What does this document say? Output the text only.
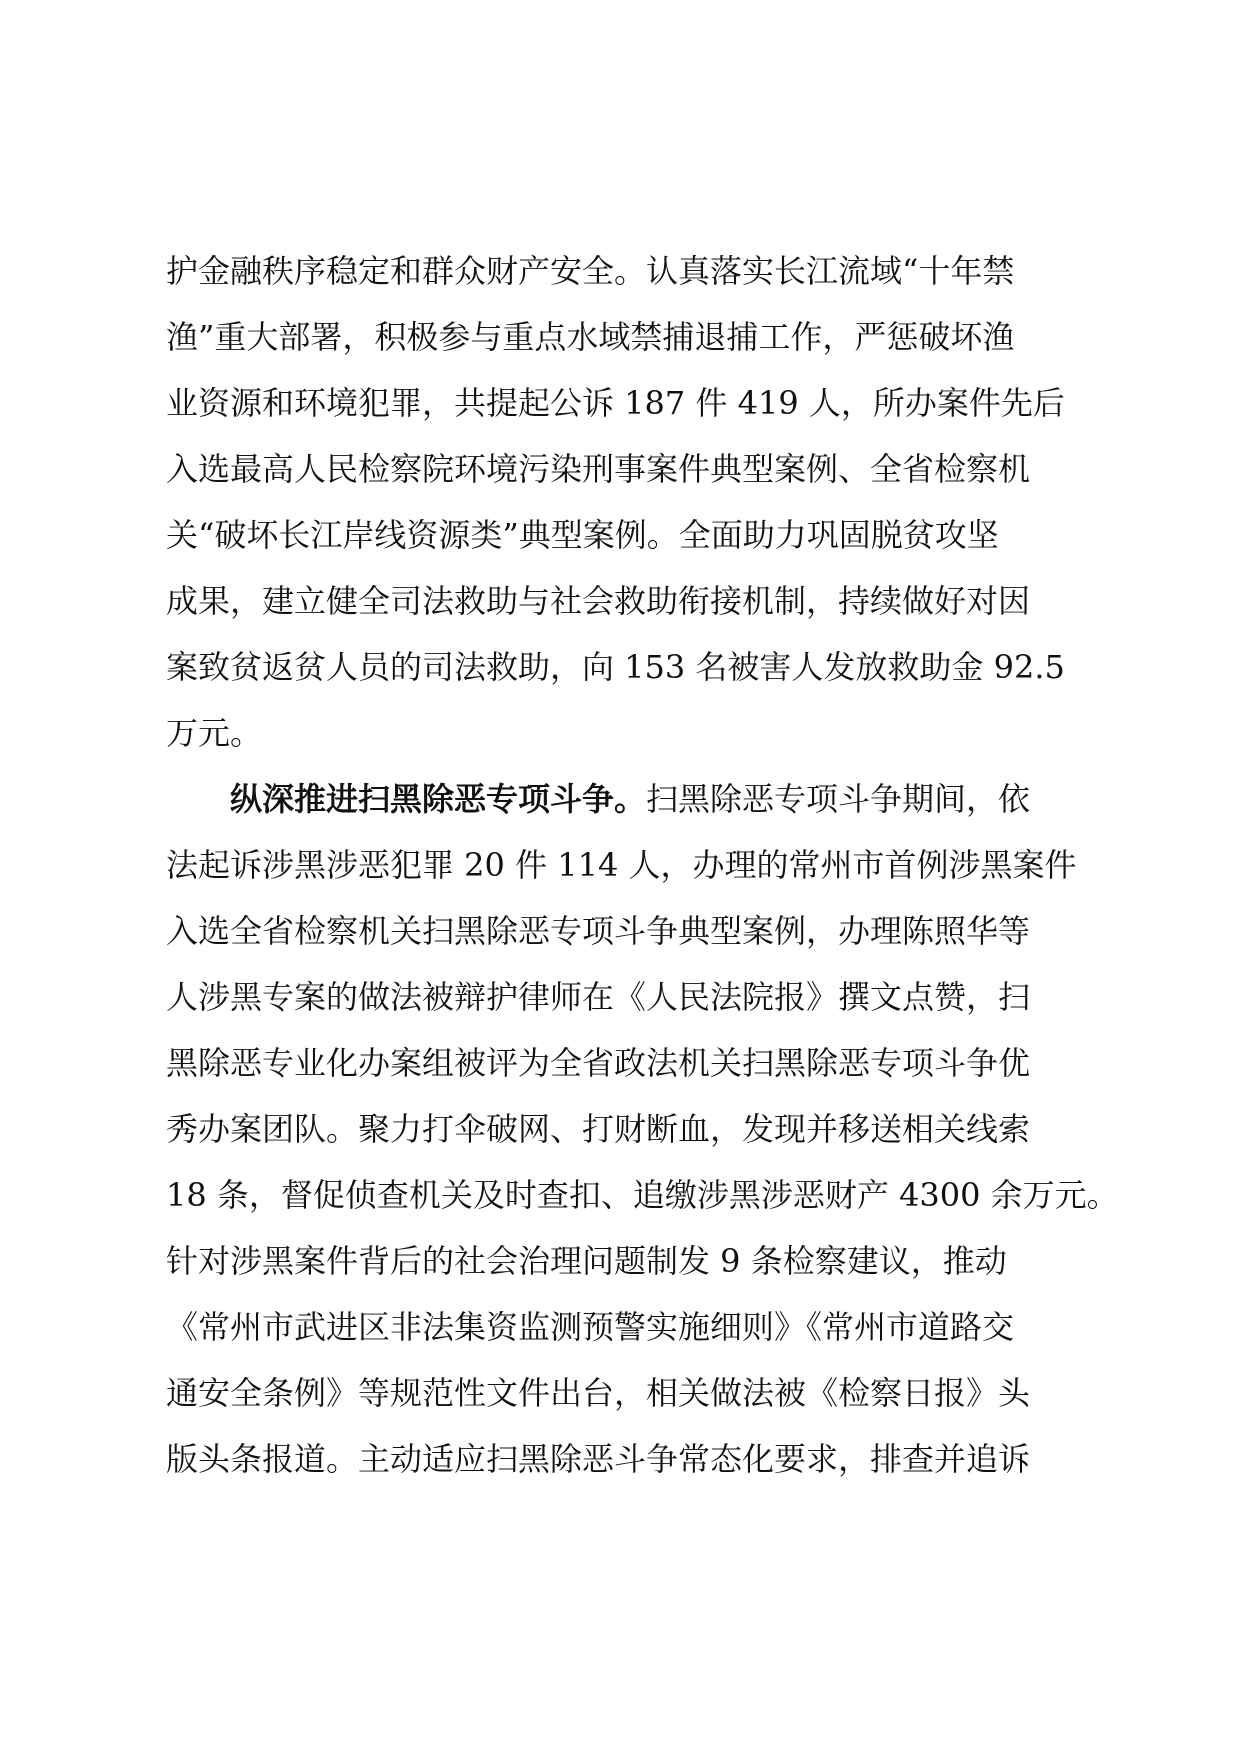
护金融秩序稳定和群众财产安全。认真落实长江流域“十年禁
渔”重大部署，积极参与重点水域禁捕退捕工作，严惩破坏渔
业资源和环境犯罪，共提起公诉 187 件 419 人，所办案件先后
入选最高人民检察院环境污染刑事案件典型案例、全省检察机
关“破坏长江岸线资源类”典型案例。全面助力巩固脱贫攻坚
成果，建立健全司法救助与社会救助衔接机制，持续做好对因
案致贫返贫人员的司法救助，向 153 名被害人发放救助金 92.5
万元。
纵深推进扫黑除恶专项斗争。扫黑除恶专项斗争期间，依
法起诉涉黑涉恶犯罪 20 件 114 人，办理的常州市首例涉黑案件
入选全省检察机关扫黑除恶专项斗争典型案例，办理陈照华等
人涉黑专案的做法被辩护律师在《人民法院报》撰文点赞，扫
黑除恶专业化办案组被评为全省政法机关扫黑除恶专项斗争优
秀办案团队。聚力打伞破网、打财断血，发现并移送相关线索
18 条，督促侦查机关及时查扣、追缴涉黑涉恶财产 4300 余万元。
针对涉黑案件背后的社会治理问题制发 9 条检察建议，推动
《常州市武进区非法集资监测预警实施细则》《常州市道路交
通安全条例》等规范性文件出台，相关做法被《检察日报》头
版头条报道。主动适应扫黑除恶斗争常态化要求，排查并追诉
